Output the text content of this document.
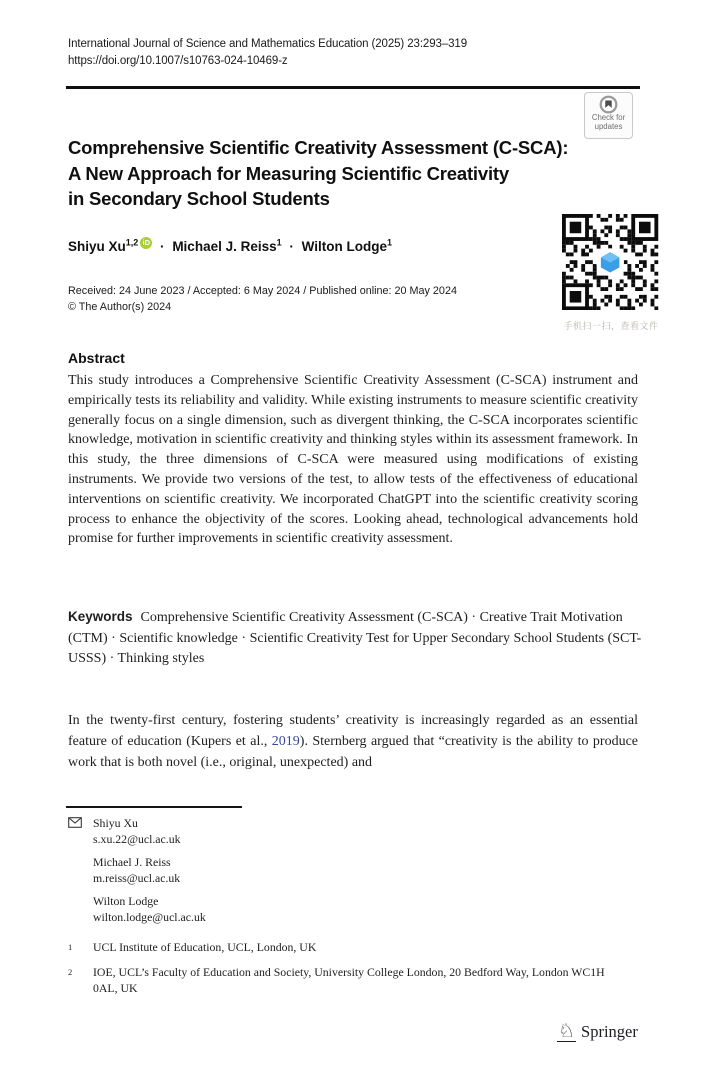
International Journal of Science and Mathematics Education (2025) 23:293–319
https://doi.org/10.1007/s10763-024-10469-z
Check for
updates
Comprehensive Scientific Creativity Assessment (C-SCA):
A New Approach for Measuring Scientific Creativity
in Secondary School Students
Shiyu Xu$^{1,2}$ iD · Michael J. Reiss$^1$ · Wilton Lodge$^1$
Received: 24 June 2023 / Accepted: 6 May 2024 / Published online: 20 May 2024
© The Author(s) 2024
手机扫一扫，查看文件
Abstract
This study introduces a Comprehensive Scientific Creativity Assessment (C-SCA) instrument and empirically tests its reliability and validity. While existing instruments to measure scientific creativity generally focus on a single dimension, such as divergent thinking, the C-SCA incorporates scientific knowledge, motivation in scientific creativity and thinking styles within its assessment framework. In this study, the three dimensions of C-SCA were measured using modifications of existing instruments. We provide two versions of the test, to allow tests of the effectiveness of educational interventions on scientific creativity. We incorporated ChatGPT into the scientific creativity scoring process to enhance the objectivity of the scores. Looking ahead, technological advancements hold promise for further improvements in scientific creativity assessment.
Keywords Comprehensive Scientific Creativity Assessment (C-SCA) · Creative Trait Motivation (CTM) · Scientific knowledge · Scientific Creativity Test for Upper Secondary School Students (SCT-USSS) · Thinking styles
In the twenty-first century, fostering students’ creativity is increasingly regarded as an essential feature of education (Kupers et al., 2019). Sternberg argued that “creativity is the ability to produce work that is both novel (i.e., original, unexpected) and
Shiyu Xu
s.xu.22@ucl.ac.uk
Michael J. Reiss
m.reiss@ucl.ac.uk
Wilton Lodge
wilton.lodge@ucl.ac.uk
1	UCL Institute of Education, UCL, London, UK
2	IOE, UCL’s Faculty of Education and Society, University College London, 20 Bedford Way, London WC1H 0AL, UK
♘ Springer
